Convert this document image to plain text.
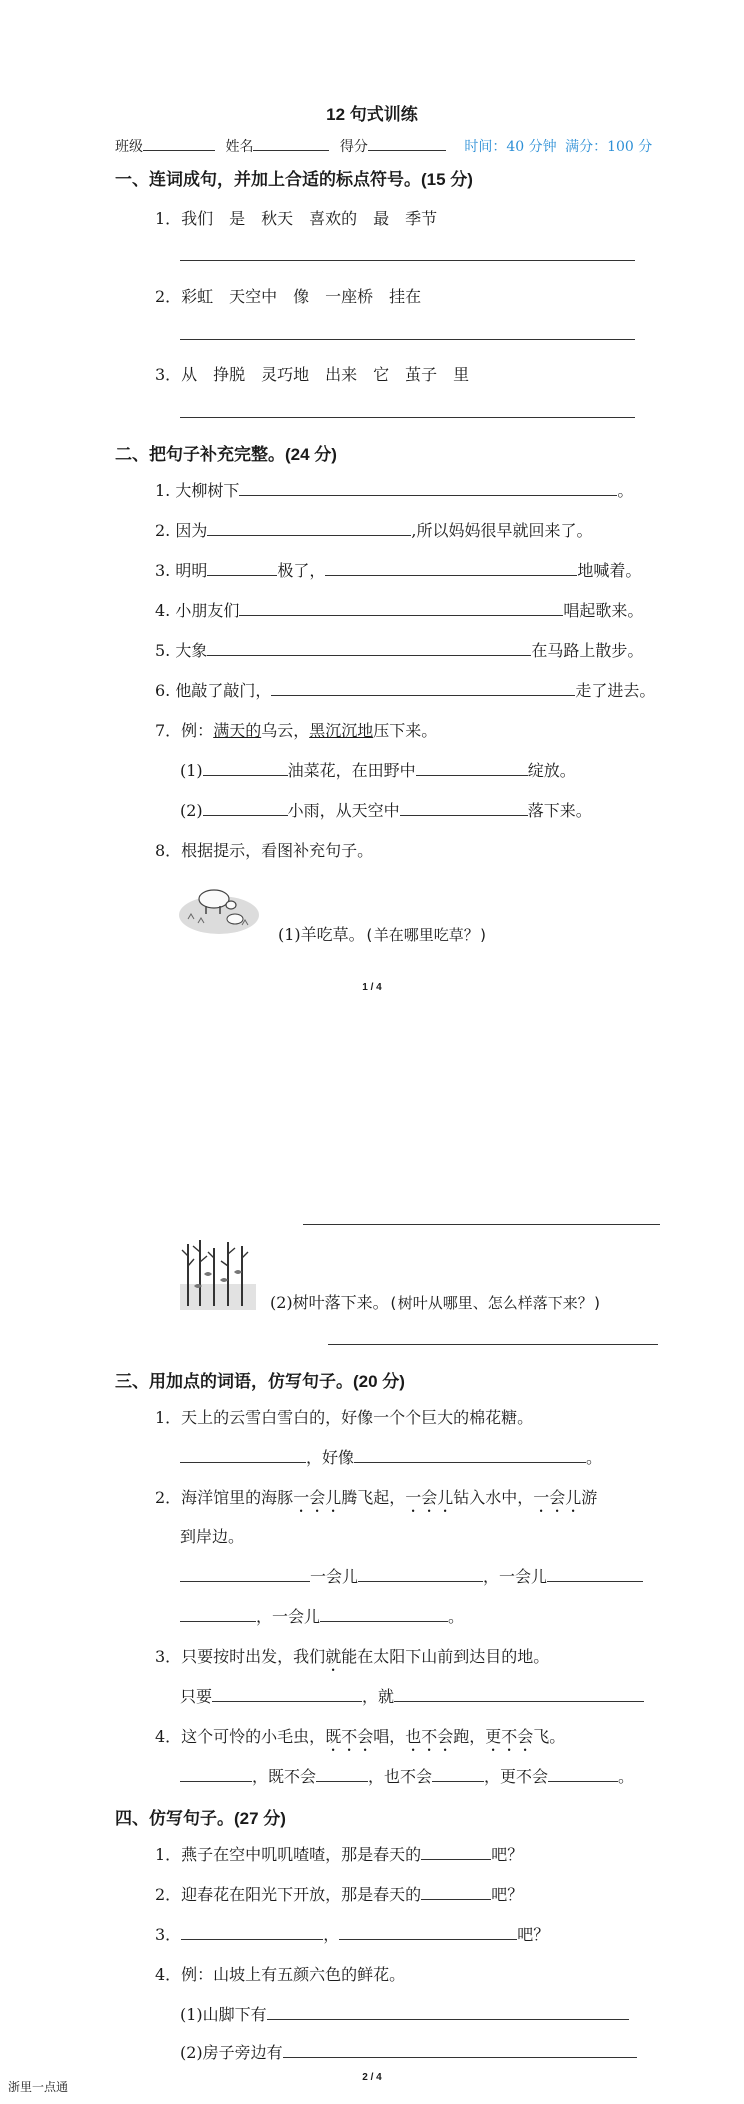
12 句式训练
班级	姓名	得分	时间：40 分钟 满分：100 分
一、连词成句，并加上合适的标点符号。(15 分)
1．我们　是　秋天　喜欢的　最　季节
2．彩虹　天空中　像　一座桥　挂在
3．从　挣脱　灵巧地　出来　它　茧子　里
二、把句子补充完整。(24 分)
1. 大柳树下	。
2. 因为	,所以妈妈很早就回来了。
3. 明明	极了，	地喊着。
4. 小朋友们	唱起歌来。
5. 大象	在马路上散步。
6. 他敲了敲门，	走了进去。
7．例：满天的乌云，黑沉沉地压下来。
(1)	油菜花，在田野中	绽放。
(2)	小雨，从天空中	落下来。
8．根据提示，看图补充句子。
(1)羊吃草。(羊在哪里吃草？)
1 / 4
(2)树叶落下来。(树叶从哪里、怎么样落下来？)
三、用加点的词语，仿写句子。(20 分)
1．天上的云雪白雪白的，好像一个个巨大的棉花糖。
，好像	。
2．海洋馆里的海豚一会儿腾飞起，一会儿钻入水中，一会儿游
到岸边。
一会儿	，一会儿
，一会儿	。
3．只要按时出发，我们就能在太阳下山前到达目的地。
只要	，就
4．这个可怜的小毛虫，既不会唱，也不会跑，更不会飞。
，既不会	，也不会	，更不会	。
四、仿写句子。(27 分)
1．燕子在空中叽叽喳喳，那是春天的	吧？
2．迎春花在阳光下开放，那是春天的	吧？
3．	，	吧？
4．例：山坡上有五颜六色的鲜花。
(1)山脚下有
(2)房子旁边有
2 / 4
浙里一点通
